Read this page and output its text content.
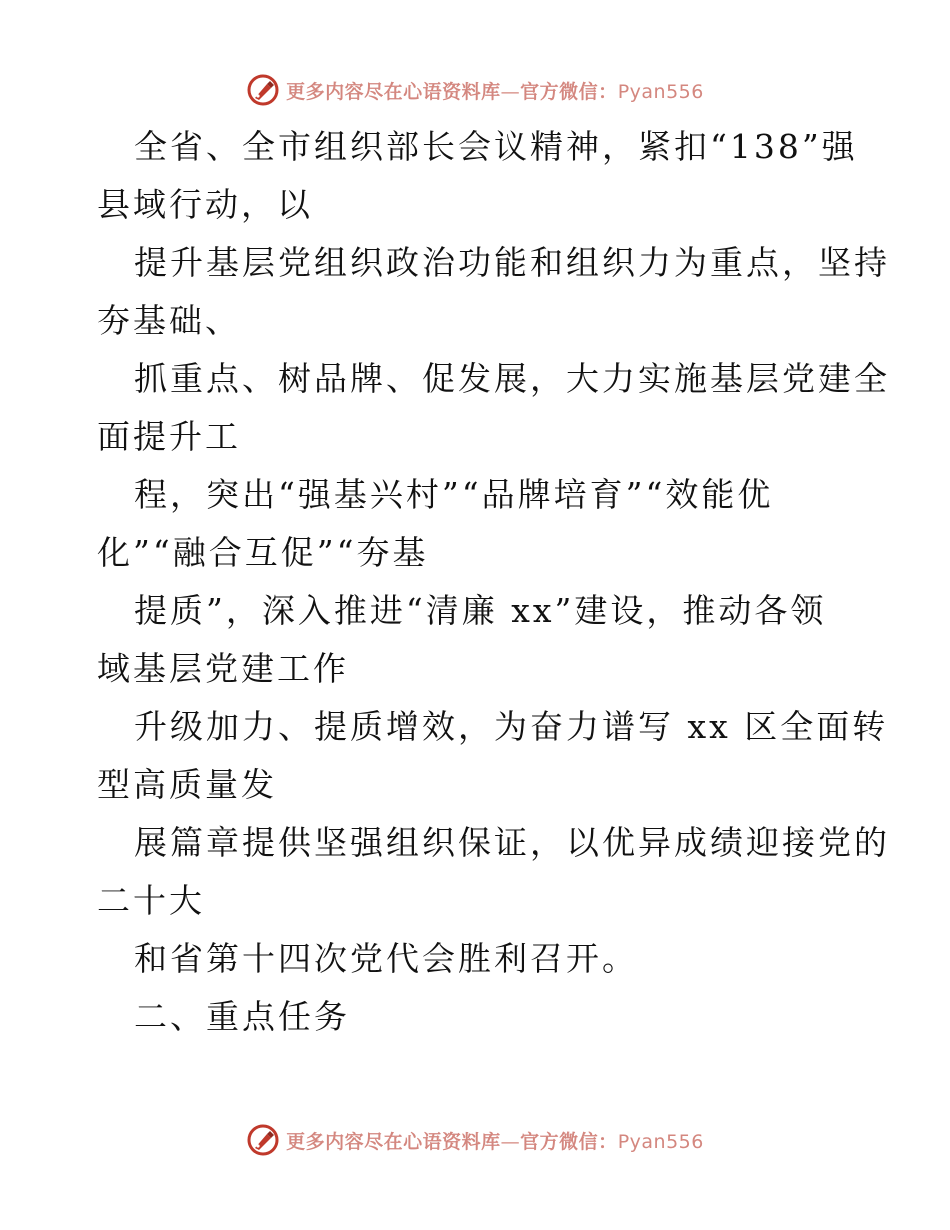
更多内容尽在心语资料库—官方微信：Pyan556
全省、全市组织部长会议精神，紧扣“138”强
县域行动，以
提升基层党组织政治功能和组织力为重点，坚持
夯基础、
抓重点、树品牌、促发展，大力实施基层党建全
面提升工
程，突出“强基兴村”“品牌培育”“效能优
化”“融合互促”“夯基
提质”，深入推进“清廉 xx”建设，推动各领
域基层党建工作
升级加力、提质增效，为奋力谱写 xx 区全面转
型高质量发
展篇章提供坚强组织保证，以优异成绩迎接党的
二十大
和省第十四次党代会胜利召开。
二、重点任务
更多内容尽在心语资料库—官方微信：Pyan556
